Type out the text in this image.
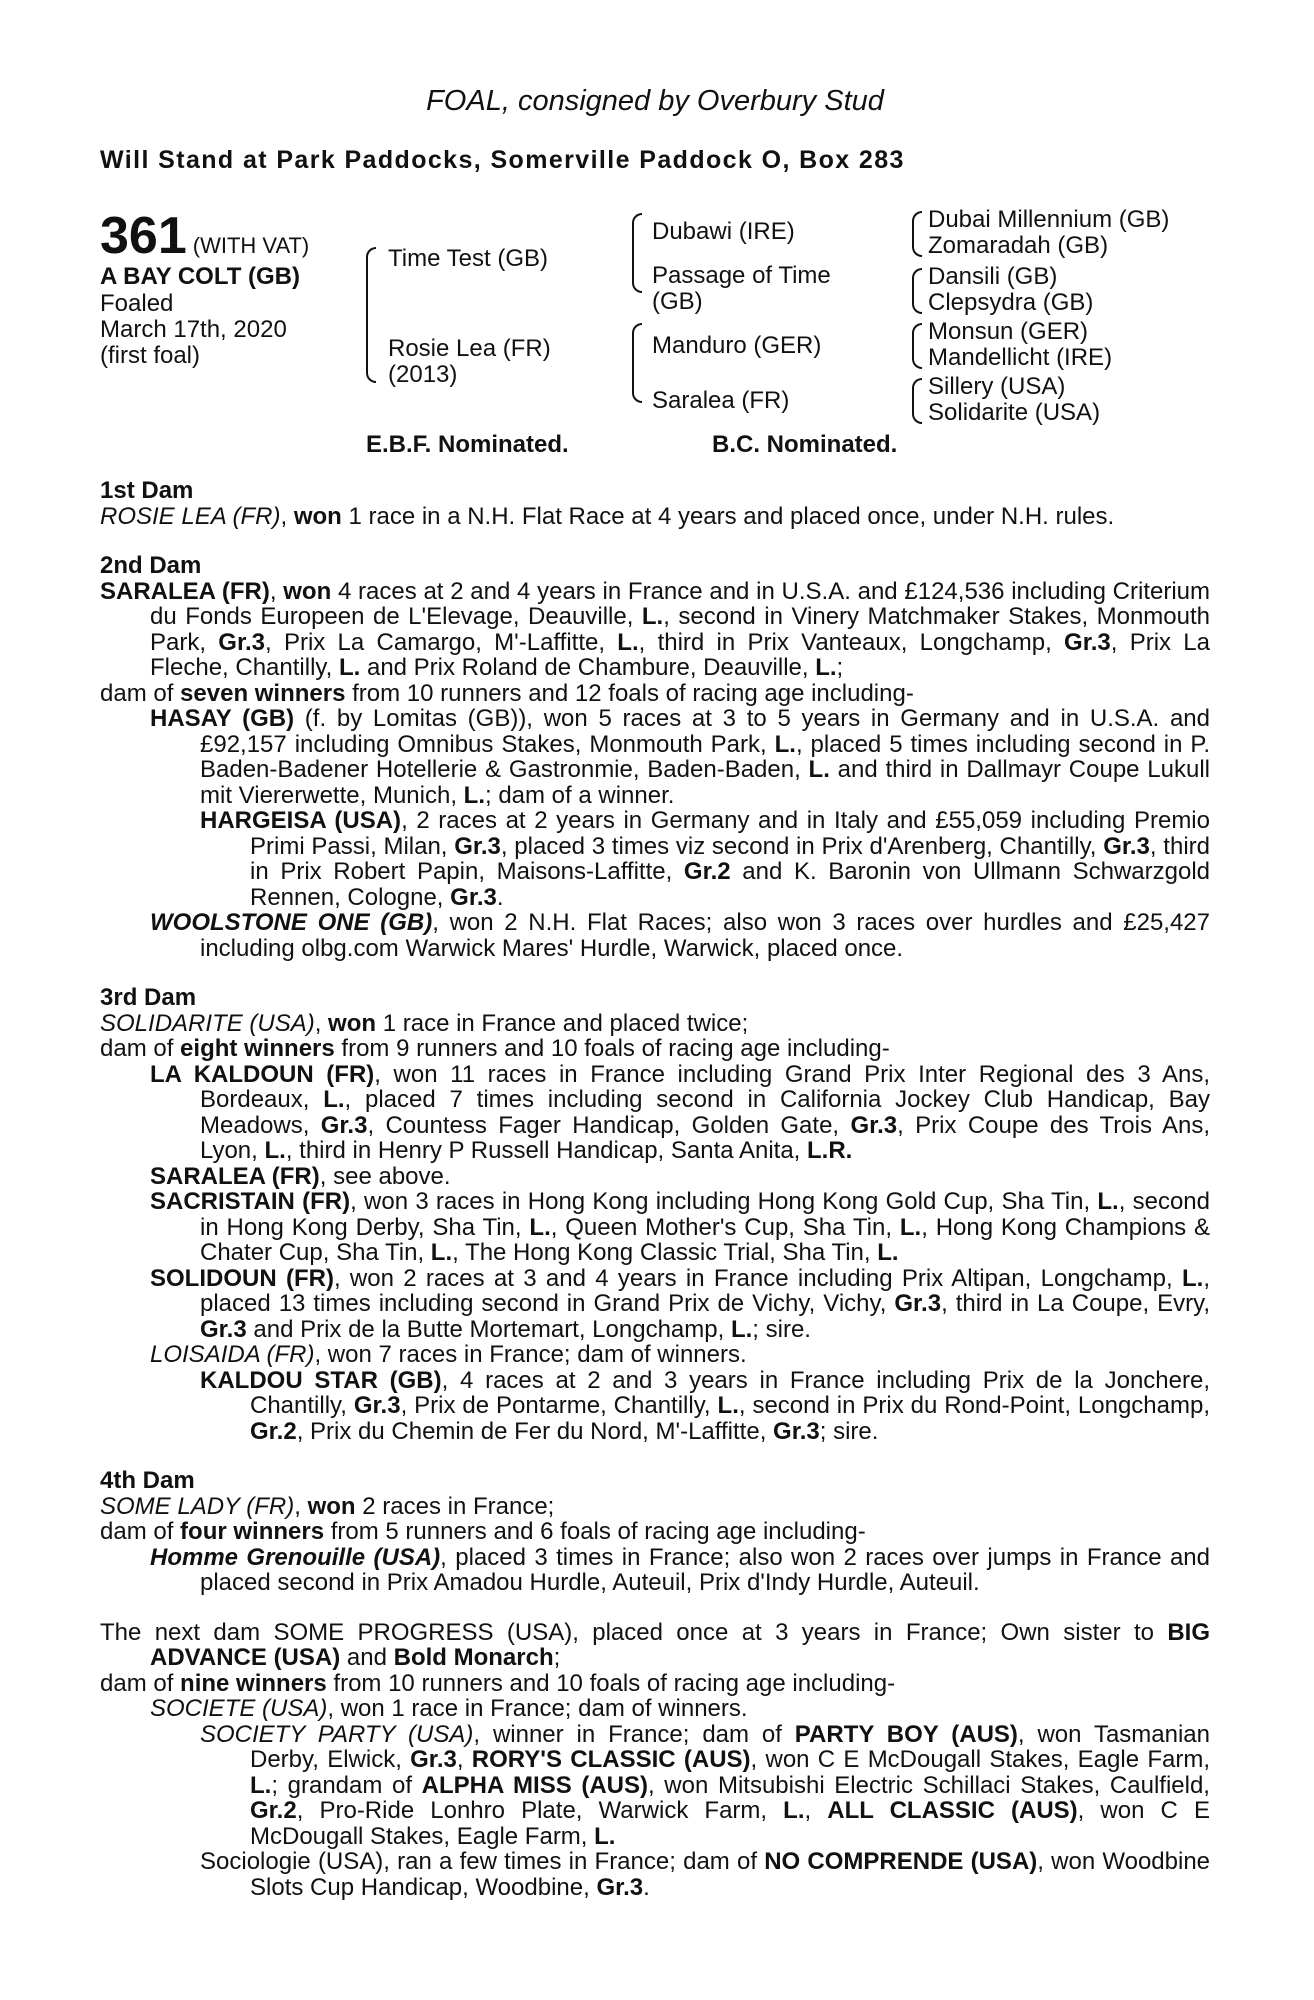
FOAL, consigned by Overbury Stud
Will Stand at Park Paddocks, Somerville Paddock O, Box 283
361 (WITH VAT)
A BAY COLT (GB)
Foaled
March 17th, 2020
(first foal)
Time Test (GB)
Rosie Lea (FR)
(2013)
Dubawi (IRE)
Passage of Time
(GB)
Manduro (GER)
Saralea (FR)
Dubai Millennium (GB)
Zomaradah (GB)
Dansili (GB)
Clepsydra (GB)
Monsun (GER)
Mandellicht (IRE)
Sillery (USA)
Solidarite (USA)
E.B.F. Nominated.	B.C. Nominated.
1st Dam

ROSIE LEA (FR), won 1 race in a N.H. Flat Race at 4 years and placed once, under N.H. rules.

2nd Dam

SARALEA (FR), won 4 races at 2 and 4 years in France and in U.S.A. and £124,536 including Criterium du Fonds Europeen de L'Elevage, Deauville, L., second in Vinery Matchmaker Stakes, Monmouth Park, Gr.3, Prix La Camargo, M'-Laffitte, L., third in Prix Vanteaux, Longchamp, Gr.3, Prix La Fleche, Chantilly, L. and Prix Roland de Chambure, Deauville, L.;

dam of seven winners from 10 runners and 12 foals of racing age including-

HASAY (GB) (f. by Lomitas (GB)), won 5 races at 3 to 5 years in Germany and in U.S.A. and £92,157 including Omnibus Stakes, Monmouth Park, L., placed 5 times including second in P. Baden-Badener Hotellerie & Gastronmie, Baden-Baden, L. and third in Dallmayr Coupe Lukull mit Viererwette, Munich, L.; dam of a winner.

HARGEISA (USA), 2 races at 2 years in Germany and in Italy and £55,059 including Premio Primi Passi, Milan, Gr.3, placed 3 times viz second in Prix d'Arenberg, Chantilly, Gr.3, third in Prix Robert Papin, Maisons-Laffitte, Gr.2 and K. Baronin von Ullmann Schwarzgold Rennen, Cologne, Gr.3.

WOOLSTONE ONE (GB), won 2 N.H. Flat Races; also won 3 races over hurdles and £25,427 including olbg.com Warwick Mares' Hurdle, Warwick, placed once.

3rd Dam

SOLIDARITE (USA), won 1 race in France and placed twice;

dam of eight winners from 9 runners and 10 foals of racing age including-

LA KALDOUN (FR), won 11 races in France including Grand Prix Inter Regional des 3 Ans, Bordeaux, L., placed 7 times including second in California Jockey Club Handicap, Bay Meadows, Gr.3, Countess Fager Handicap, Golden Gate, Gr.3, Prix Coupe des Trois Ans, Lyon, L., third in Henry P Russell Handicap, Santa Anita, L.R.

SARALEA (FR), see above.

SACRISTAIN (FR), won 3 races in Hong Kong including Hong Kong Gold Cup, Sha Tin, L., second in Hong Kong Derby, Sha Tin, L., Queen Mother's Cup, Sha Tin, L., Hong Kong Champions & Chater Cup, Sha Tin, L., The Hong Kong Classic Trial, Sha Tin, L.

SOLIDOUN (FR), won 2 races at 3 and 4 years in France including Prix Altipan, Longchamp, L., placed 13 times including second in Grand Prix de Vichy, Vichy, Gr.3, third in La Coupe, Evry, Gr.3 and Prix de la Butte Mortemart, Longchamp, L.; sire.

LOISAIDA (FR), won 7 races in France; dam of winners.

KALDOU STAR (GB), 4 races at 2 and 3 years in France including Prix de la Jonchere, Chantilly, Gr.3, Prix de Pontarme, Chantilly, L., second in Prix du Rond-Point, Longchamp, Gr.2, Prix du Chemin de Fer du Nord, M'-Laffitte, Gr.3; sire.

4th Dam

SOME LADY (FR), won 2 races in France;

dam of four winners from 5 runners and 6 foals of racing age including-

Homme Grenouille (USA), placed 3 times in France; also won 2 races over jumps in France and placed second in Prix Amadou Hurdle, Auteuil, Prix d'Indy Hurdle, Auteuil.

The next dam SOME PROGRESS (USA), placed once at 3 years in France; Own sister to BIG ADVANCE (USA) and Bold Monarch;

dam of nine winners from 10 runners and 10 foals of racing age including-

SOCIETE (USA), won 1 race in France; dam of winners.

SOCIETY PARTY (USA), winner in France; dam of PARTY BOY (AUS), won Tasmanian Derby, Elwick, Gr.3, RORY'S CLASSIC (AUS), won C E McDougall Stakes, Eagle Farm, L.; grandam of ALPHA MISS (AUS), won Mitsubishi Electric Schillaci Stakes, Caulfield, Gr.2, Pro-Ride Lonhro Plate, Warwick Farm, L., ALL CLASSIC (AUS), won C E McDougall Stakes, Eagle Farm, L.

Sociologie (USA), ran a few times in France; dam of NO COMPRENDE (USA), won Woodbine Slots Cup Handicap, Woodbine, Gr.3.
